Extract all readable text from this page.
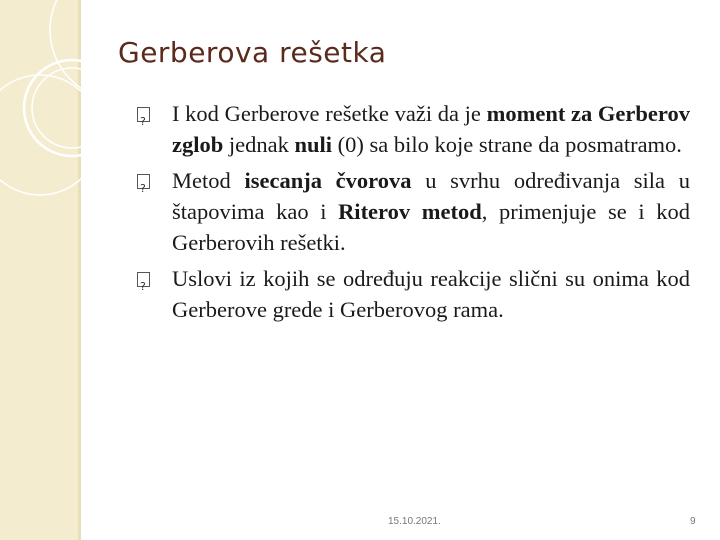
Gerberova rešetka
?
I kod Gerberove rešetke važi da je moment za Gerberov zglob jednak nuli (0) sa bilo koje strane da posmatramo.
?
Metod isecanja čvorova u svrhu određivanja sila u štapovima kao i Riterov metod, primenjuje se i kod Gerberovih rešetki.
?
Uslovi iz kojih se određuju reakcije slični su onima kod Gerberove grede i Gerberovog rama.
15.10.2021.	9
